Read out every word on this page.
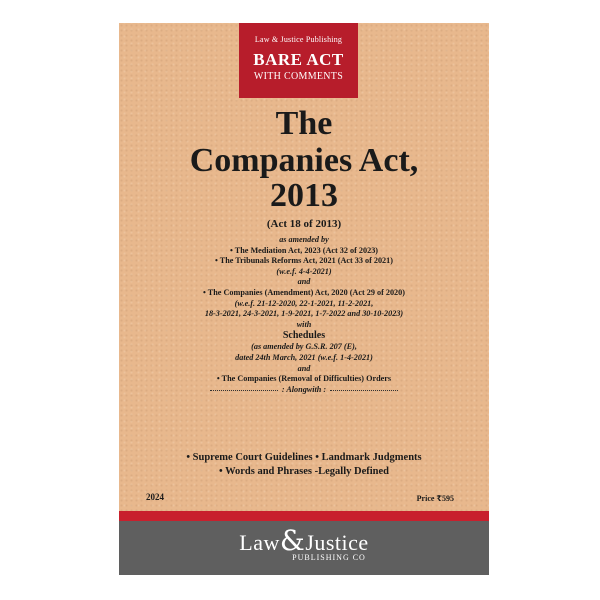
Law & Justice Publishing
BARE ACT
WITH COMMENTS
The
Companies Act,
2013
(Act 18 of 2013)
as amended by
• The Mediation Act, 2023 (Act 32 of 2023)
• The Tribunals Reforms Act, 2021 (Act 33 of 2021)
(w.e.f. 4-4-2021)
and
• The Companies (Amendment) Act, 2020 (Act 29 of 2020)
(w.e.f. 21-12-2020, 22-1-2021, 11-2-2021,
18-3-2021, 24-3-2021, 1-9-2021, 1-7-2022 and 30-10-2023)
with
Schedules
(as amended by G.S.R. 207 (E),
dated 24th March, 2021 (w.e.f. 1-4-2021)
and
• The Companies (Removal of Difficulties) Orders
: Alongwith :
• Supreme Court Guidelines • Landmark Judgments
• Words and Phrases -Legally Defined
2024	Price ₹595
Law&Justice
PUBLISHING CO
